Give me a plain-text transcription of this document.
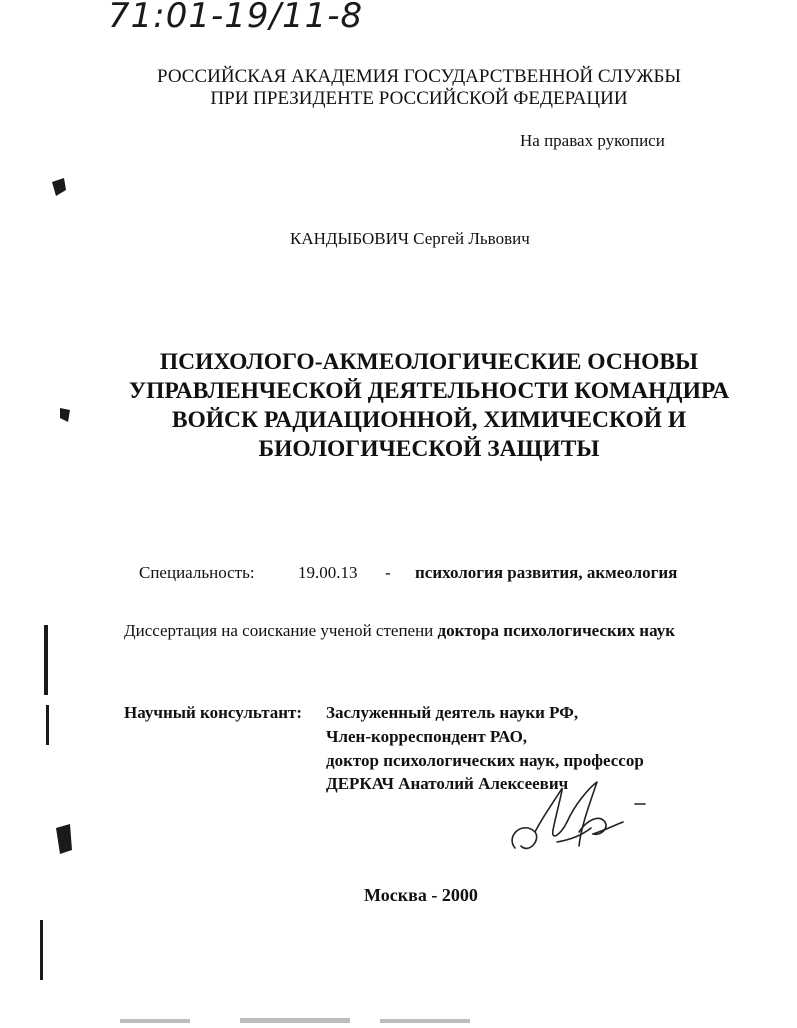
71:01-19/11-8
РОССИЙСКАЯ АКАДЕМИЯ ГОСУДАРСТВЕННОЙ СЛУЖБЫ
ПРИ ПРЕЗИДЕНТЕ РОССИЙСКОЙ ФЕДЕРАЦИИ
На правах рукописи
КАНДЫБОВИЧ Сергей Львович
ПСИХОЛОГО-АКМЕОЛОГИЧЕСКИЕ ОСНОВЫ
УПРАВЛЕНЧЕСКОЙ ДЕЯТЕЛЬНОСТИ КОМАНДИРА
ВОЙСК РАДИАЦИОННОЙ, ХИМИЧЕСКОЙ И
БИОЛОГИЧЕСКОЙ ЗАЩИТЫ
Специальность:	19.00.13 - психология развития, акмеология
Диссертация на соискание ученой степени доктора психологических наук
Научный консультант: Заслуженный деятель науки РФ,
Член-корреспондент РАО,
доктор психологических наук, профессор
ДЕРКАЧ Анатолий Алексеевич
Москва - 2000
